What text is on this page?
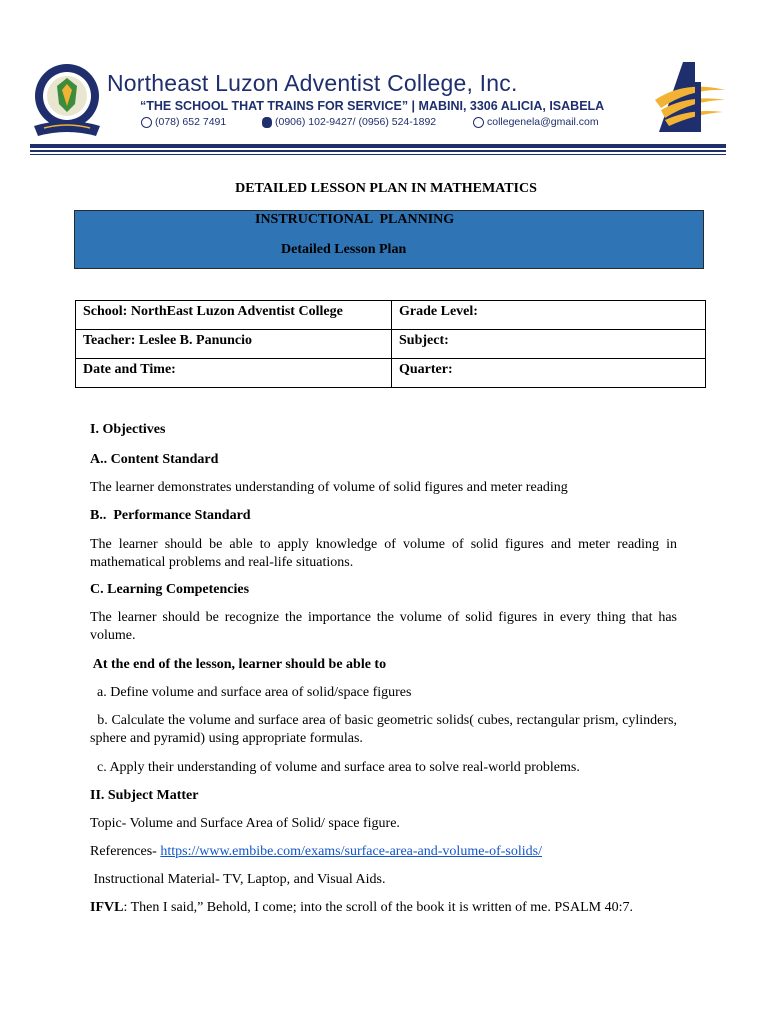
Northeast Luzon Adventist College, Inc.
“THE SCHOOL THAT TRAINS FOR SERVICE” | MABINI, 3306 ALICIA, ISABELA
(078) 652 7491	(0906) 102-9427/ (0956) 524-1892	collegenela@gmail.com
DETAILED LESSON PLAN IN MATHEMATICS
INSTRUCTIONAL  PLANNING
Detailed Lesson Plan
School: NorthEast Luzon Adventist College	Grade Level:
Teacher: Leslee B. Panuncio	Subject:
Date and Time:	Quarter:
I. Objectives
A.. Content Standard
The learner demonstrates understanding of volume of solid figures and meter reading
B..  Performance Standard
The learner should be able to apply knowledge of volume of solid figures and meter reading in mathematical problems and real-life situations.
C. Learning Competencies
The learner should be recognize the importance the volume of solid figures in every thing that has volume.
At the end of the lesson, learner should be able to
a. Define volume and surface area of solid/space figures
b. Calculate the volume and surface area of basic geometric solids( cubes, rectangular prism, cylinders, sphere and pyramid) using appropriate formulas.
c. Apply their understanding of volume and surface area to solve real-world problems.
II. Subject Matter
Topic- Volume and Surface Area of Solid/ space figure.
References- https://www.embibe.com/exams/surface-area-and-volume-of-solids/
Instructional Material- TV, Laptop, and Visual Aids.
IFVL: Then I said,” Behold, I come; into the scroll of the book it is written of me. PSALM 40:7.
